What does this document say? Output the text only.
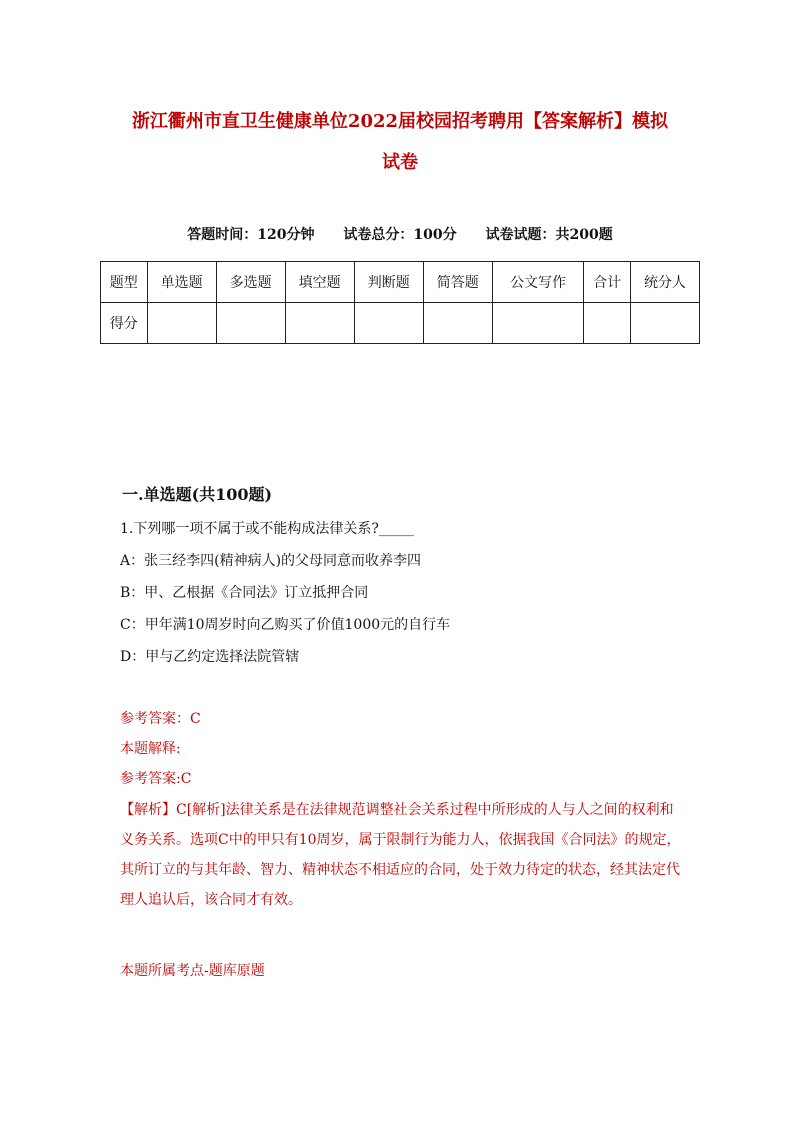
浙江衢州市直卫生健康单位2022届校园招考聘用【答案解析】模拟
试卷
答题时间：120分钟 试卷总分：100分 试卷试题：共200题
题型	单选题	多选题	填空题	判断题	简答题	公文写作	合计	统分人
得分								
一.单选题(共100题)
1.下列哪一项不属于或不能构成法律关系?_____
A：张三经李四(精神病人)的父母同意而收养李四
B：甲、乙根据《合同法》订立抵押合同
C：甲年满10周岁时向乙购买了价值1000元的自行车
D：甲与乙约定选择法院管辖
参考答案：C
本题解释:
参考答案:C
【解析】C[解析]法律关系是在法律规范调整社会关系过程中所形成的人与人之间的权利和义务关系。选项C中的甲只有10周岁，属于限制行为能力人，依据我国《合同法》的规定，其所订立的与其年龄、智力、精神状态不相适应的合同，处于效力待定的状态，经其法定代理人追认后，该合同才有效。
本题所属考点-题库原题
